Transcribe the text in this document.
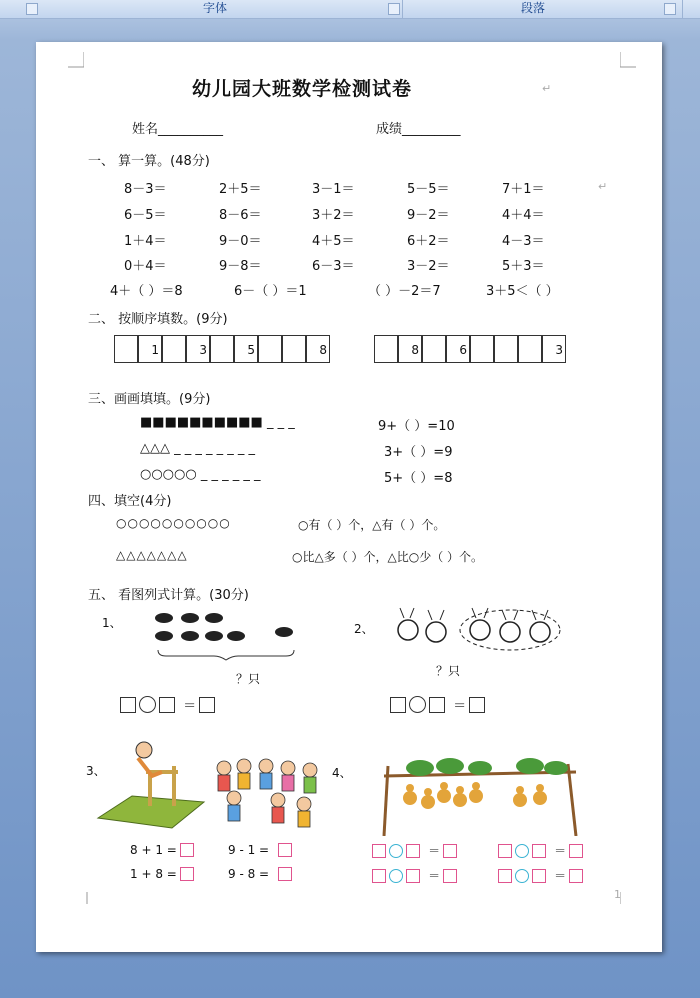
字体	段落
幼儿园大班数学检测试卷	↵
姓名__________	成绩_________
一、 算一算。(48分)
8－3＝	2＋5＝	3－1＝	5－5＝	7＋1＝
6－5＝	8－6＝	3＋2＝	9－2＝	4＋4＝
1＋4＝	9－0＝	4＋5＝	6＋2＝	4－3＝
0＋4＝	9－8＝	6－3＝	3－2＝	5＋3＝
4＋（ ）＝8	6－（ ）＝1	（ ）－2＝7	3＋5＜（ ）
↵
二、 按顺序填数。(9分)
1	3	5	8	8	6	3
三、画画填填。(9分)
■■■■■■■■■■ _ _ _
△△△ _ _ _ _ _ _ _ _
○○○○○ _ _ _ _ _ _
9+（ ）=10
3+（ ）=9
5+（ ）=8
四、填空(4分)
○○○○○○○○○○	○有（ ）个，△有（ ）个。
△△△△△△△	○比△多（ ）个，△比○少（ ）个。
五、 看图列式计算。(30分)
1、
？只
＝
2、
？只
＝
3、
8 + 1 =	9 - 1 =
1 + 8 =	9 - 8 =
4、
＝	＝
＝	＝
1
